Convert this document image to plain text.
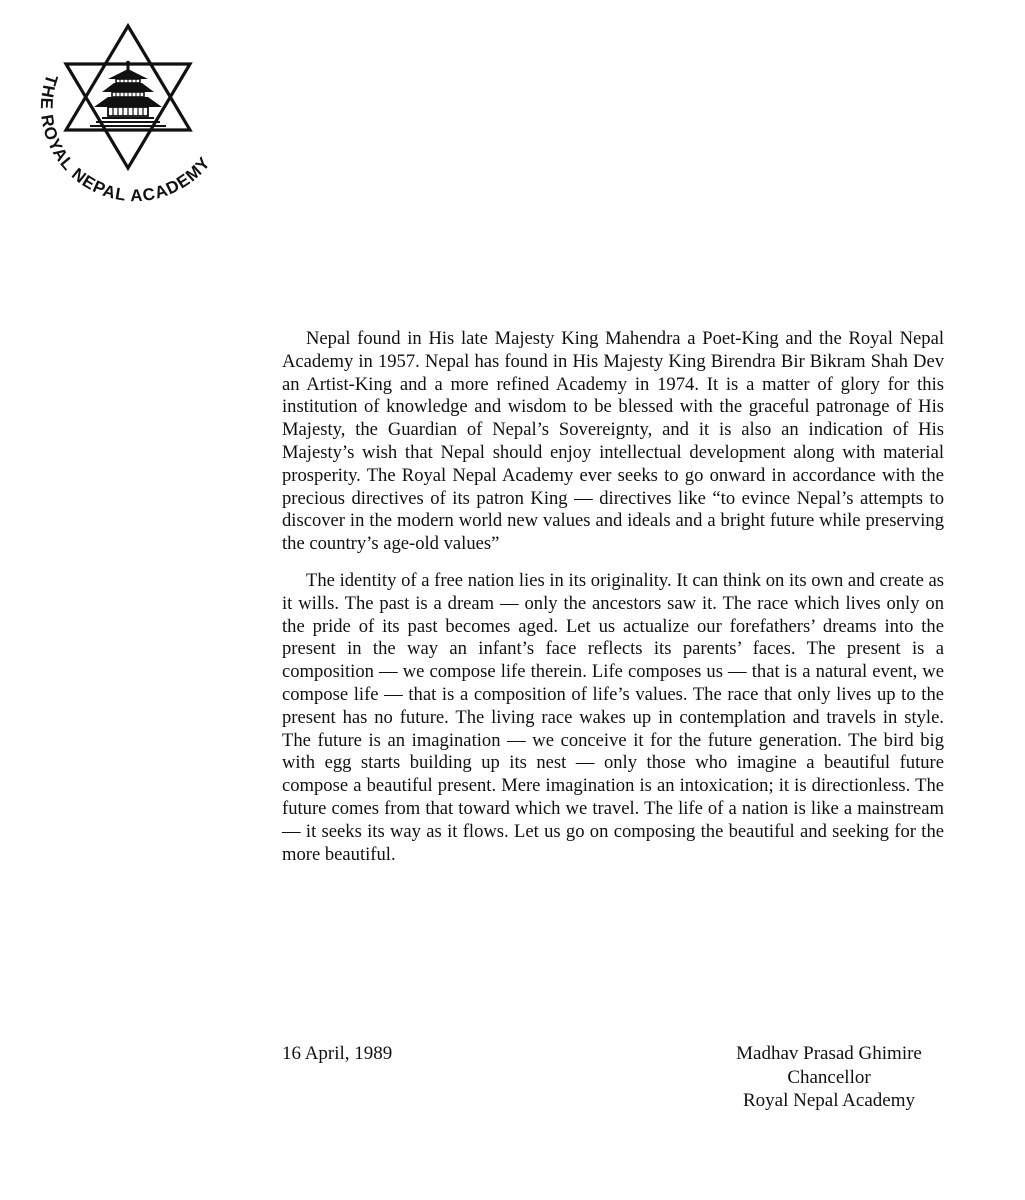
THE ROYAL NEPAL ACADEMY

Nepal found in His late Majesty King Mahendra a Poet-King and the Royal Nepal Academy in 1957. Nepal has found in His Majesty King Birendra Bir Bikram Shah Dev an Artist-King and a more refined Academy in 1974. It is a matter of glory for this institution of knowledge and wisdom to be blessed with the graceful patronage of His Majesty, the Guardian of Nepal’s Sovereignty, and it is also an indication of His Majesty’s wish that Nepal should enjoy intellectual development along with material prosperity. The Royal Nepal Academy ever seeks to go onward in accordance with the precious directives of its patron King — directives like “to evince Nepal’s attempts to discover in the modern world new values and ideals and a bright future while preserving the country’s age-old values”

The identity of a free nation lies in its originality. It can think on its own and create as it wills. The past is a dream — only the ancestors saw it. The race which lives only on the pride of its past becomes aged. Let us actualize our forefathers’ dreams into the present in the way an infant’s face reflects its parents’ faces. The present is a composition — we compose life therein. Life composes us — that is a natural event, we compose life — that is a composition of life’s values. The race that only lives up to the present has no future. The living race wakes up in contemplation and travels in style. The future is an imagination — we conceive it for the future generation. The bird big with egg starts building up its nest — only those who imagine a beautiful future compose a beautiful present. Mere imagination is an intoxication; it is directionless. The future comes from that toward which we travel. The life of a nation is like a mainstream — it seeks its way as it flows. Let us go on composing the beautiful and seeking for the more beautiful.

16 April, 1989	Madhav Prasad Ghimire
Chancellor
Royal Nepal Academy
